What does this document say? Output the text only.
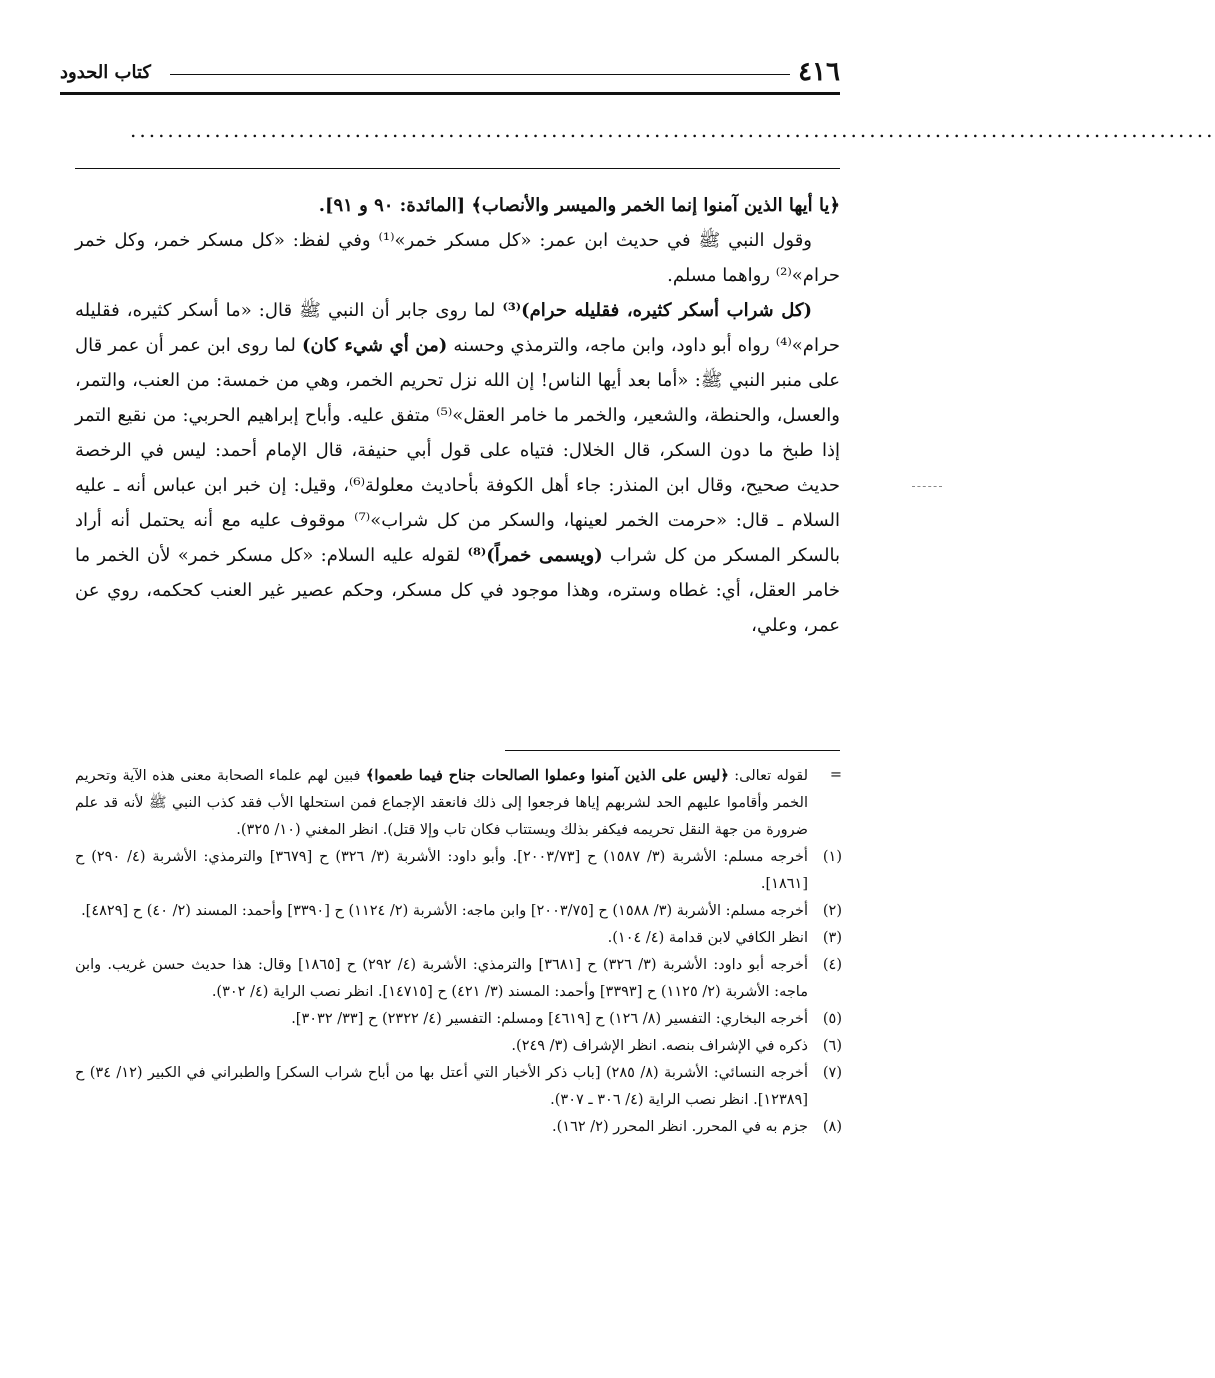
٤١٦
كتاب الحدود
....................................................................................................................

﴿يا أيها الذين آمنوا إنما الخمر والميسر والأنصاب﴾ [المائدة: ٩٠ و ٩١].

وقول النبي ﷺ في حديث ابن عمر: «كل مسكر خمر»⁽¹⁾ وفي لفظ: «كل مسكر خمر، وكل خمر حرام»⁽²⁾ رواهما مسلم.

(كل شراب أسكر كثيره، فقليله حرام)⁽³⁾ لما روى جابر أن النبي ﷺ قال: «ما أسكر كثيره، فقليله حرام»⁽⁴⁾ رواه أبو داود، وابن ماجه، والترمذي وحسنه (من أي شيء كان) لما روى ابن عمر أن عمر قال على منبر النبي ﷺ: «أما بعد أيها الناس! إن الله نزل تحريم الخمر، وهي من خمسة: من العنب، والتمر، والعسل، والحنطة، والشعير، والخمر ما خامر العقل»⁽⁵⁾ متفق عليه. وأباح إبراهيم الحربي: من نقيع التمر إذا طبخ ما دون السكر، قال الخلال: فتياه على قول أبي حنيفة، قال الإمام أحمد: ليس في الرخصة حديث صحيح، وقال ابن المنذر: جاء أهل الكوفة بأحاديث معلولة⁽⁶⁾، وقيل: إن خبر ابن عباس أنه ـ عليه السلام ـ قال: «حرمت الخمر لعينها، والسكر من كل شراب»⁽⁷⁾ موقوف عليه مع أنه يحتمل أنه أراد بالسكر المسكر من كل شراب (ويسمى خمراً)⁽⁸⁾ لقوله عليه السلام: «كل مسكر خمر» لأن الخمر ما خامر العقل، أي: غطاه وستره، وهذا موجود في كل مسكر، وحكم عصير غير العنب كحكمه، روي عن عمر، وعلي،

=
لقوله تعالى: ﴿ليس على الذين آمنوا وعملوا الصالحات جناح فيما طعموا﴾ فبين لهم علماء الصحابة معنى هذه الآية وتحريم الخمر وأقاموا عليهم الحد لشربهم إياها فرجعوا إلى ذلك فانعقد الإجماع فمن استحلها الأب فقد كذب النبي ﷺ لأنه قد علم ضرورة من جهة النقل تحريمه فيكفر بذلك ويستتاب فكان تاب وإلا قتل). انظر المغني (١٠/ ٣٢٥).
(١)
أخرجه مسلم: الأشربة (٣/ ١٥٨٧) ح [٢٠٠٣/٧٣]. وأبو داود: الأشربة (٣/ ٣٢٦) ح [٣٦٧٩] والترمذي: الأشربة (٤/ ٢٩٠) ح [١٨٦١].
(٢)
أخرجه مسلم: الأشربة (٣/ ١٥٨٨) ح [٢٠٠٣/٧٥] وابن ماجه: الأشربة (٢/ ١١٢٤) ح [٣٣٩٠] وأحمد: المسند (٢/ ٤٠) ح [٤٨٢٩].
(٣)
انظر الكافي لابن قدامة (٤/ ١٠٤).
(٤)
أخرجه أبو داود: الأشربة (٣/ ٣٢٦) ح [٣٦٨١] والترمذي: الأشربة (٤/ ٢٩٢) ح [١٨٦٥] وقال: هذا حديث حسن غريب. وابن ماجه: الأشربة (٢/ ١١٢٥) ح [٣٣٩٣] وأحمد: المسند (٣/ ٤٢١) ح [١٤٧١٥]. انظر نصب الراية (٤/ ٣٠٢).
(٥)
أخرجه البخاري: التفسير (٨/ ١٢٦) ح [٤٦١٩] ومسلم: التفسير (٤/ ٢٣٢٢) ح [٣٣/ ٣٠٣٢].
(٦)
ذكره في الإشراف بنصه. انظر الإشراف (٣/ ٢٤٩).
(٧)
أخرجه النسائي: الأشربة (٨/ ٢٨٥) [باب ذكر الأخبار التي أعتل بها من أباح شراب السكر] والطبراني في الكبير (١٢/ ٣٤) ح [١٢٣٨٩]. انظر نصب الراية (٤/ ٣٠٦ ـ ٣٠٧).
(٨)
جزم به في المحرر. انظر المحرر (٢/ ١٦٢).
